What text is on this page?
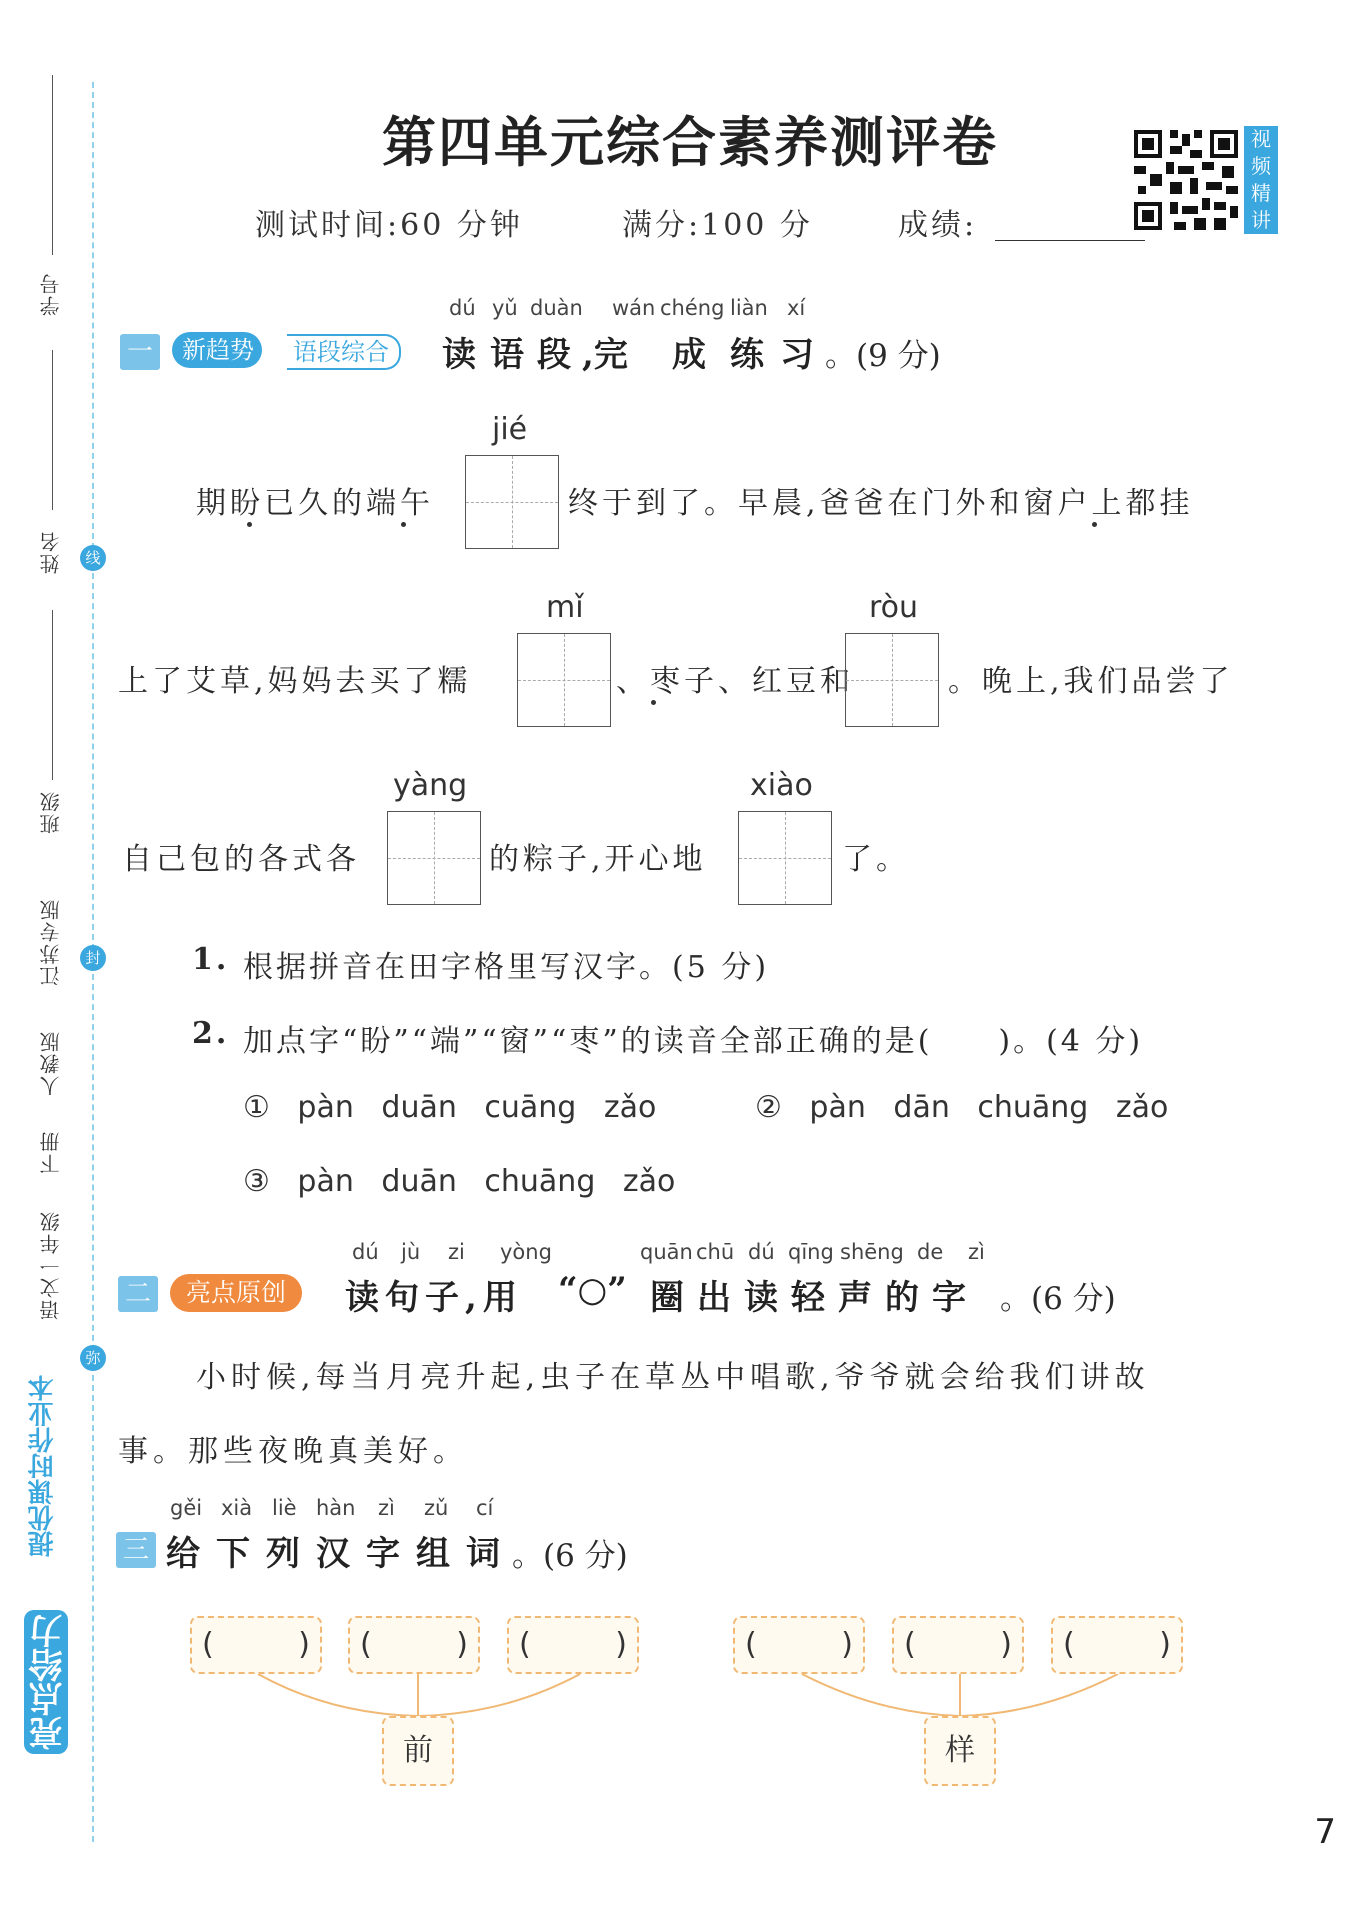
学号
姓名
班级
线
封
弥
江苏专版
人教版
下册
语文一年级
提优课时作业本
亮点给力
第四单元综合素养测评卷
测试时间:60 分钟	满分:100 分	成绩:
视频精讲
一	新趋势	语段综合
dú yǔ duàn wán chéng liàn xí
读 语 段 ,完 成 练 习 。(9 分)
期盼已久的端午
jié
终于到了。早晨,爸爸在门外和窗户上都挂
上了艾草,妈妈去买了糯
mǐ
、枣子、红豆和
ròu
。晚上,我们品尝了
自己包的各式各
yàng
的粽子,开心地
xiào
了。
1. 根据拼音在田字格里写汉字。(5 分)
2. 加点字“盼”“端”“窗”“枣”的读音全部正确的是(　　)。(4 分)
① pàn duān cuāng zǎo	② pàn dān chuāng zǎo
③ pàn duān chuāng zǎo
二	亮点原创
dú jù zi yòng	quān chū dú qīng shēng de zì
读句子,用 “○” 圈出读轻声的字 。(6 分)
小时候,每当月亮升起,虫子在草丛中唱歌,爷爷就会给我们讲故
事。那些夜晚真美好。
三
gěi xià liè hàn zì zǔ cí
给 下 列 汉 字 组 词 。(6 分)
(	) (	) (	)
前
(	) (	) (	)
样
7
